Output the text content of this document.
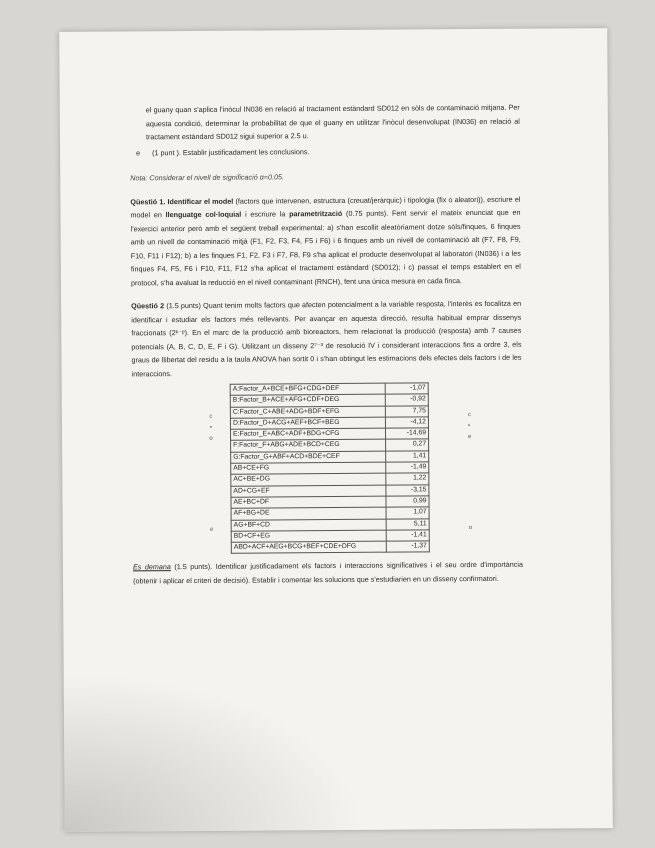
el guany quan s'aplica l'inòcul IN036 en relació al tractament estàndard SD012 en sòls de contaminació mitjana. Per aquesta condició, determinar la probabilitat de que el guany en utilitzar l'inòcul desenvolupat (IN036) en relació al tractament estàndard SD012 sigui superior a 2.5 u.

e	(1 punt ). Establir justificadament les conclusions.

Nota: Considerar el nivell de significació α=0.05.

Qüestió 1. Identificar el model (factors que intervenen, estructura (creuat/jeràrquic) i tipologia (fix o aleatori)), escriure el model en llenguatge col·loquial i escriure la parametrització (0.75 punts). Fent servir el mateix enunciat que en l'exercici anterior però amb el següent treball experimental: a) s'han escollit aleatòriament dotze sòls/finques, 6 finques amb un nivell de contaminació mitjà (F1, F2, F3, F4, F5 i F6) i 6 finques amb un nivell de contaminació alt (F7, F8, F9, F10, F11 i F12); b) a les finques F1, F2, F3 i F7, F8, F9 s'ha aplicat el producte desenvolupat al laboratori (IN036) i a les finques F4, F5, F6 i F10, F11, F12 s'ha aplicat el tractament estàndard (SD012); i c) passat el temps establert en el protocol, s'ha avaluat la reducció en el nivell contaminant (RNCH), fent una única mesura en cada finca.

Qüestió 2 (1.5 punts) Quant tenim molts factors que afecten potencialment a la variable resposta, l'interès es focalitza en identificar i estudiar els factors més rellevants. Per avançar en aquesta direcció, resulta habitual emprar dissenys fraccionats (2ᵏ⁻ᵖ). En el marc de la producció amb bioreactors, hem relacionat la producció (resposta) amb 7 causes potencials (A, B, C, D, E, F i G). Utilitzant un disseny 2⁷⁻³ de resolució IV i considerant interaccions fins a ordre 3, els graus de llibertat del residu a la taula ANOVA han sortit 0 i s'han obtingut les estimacions dels efectes dels factors i de les interaccions.

A:Factor_A+BCE+BFG+CDG+DEF	-1,07
B:Factor_B+ACE+AFG+CDF+DEG	-0,92
C:Factor_C+ABE+ADG+BDF+EFG	7,75
D:Factor_D+ACG+AEF+BCF+BEG	-4,12
E:Factor_E+ABC+ADF+BDG+CFG	-14,69
F:Factor_F+ABG+ADE+BCD+CEG	0,27
G:Factor_G+ABF+ACD+BDE+CEF	1,41
AB+CE+FG	-1,49
AC+BE+DG	1,22
AD+CG+EF	-3,15
AE+BC+DF	0,99
AF+BG+DE	1,07
AG+BF+CD	5,11
BD+CF+EG	-1,41
ABD+ACF+AEG+BCG+BEF+CDE+DFG	-1,37
c	c
•	•
o	e
e	o

Es demana (1.5 punts). Identificar justificadament els factors i interaccions significatives i el seu ordre d'importància (obtenir i aplicar el criteri de decisió). Establir i comentar les solucions que s'estudiarien en un disseny confirmatori.
